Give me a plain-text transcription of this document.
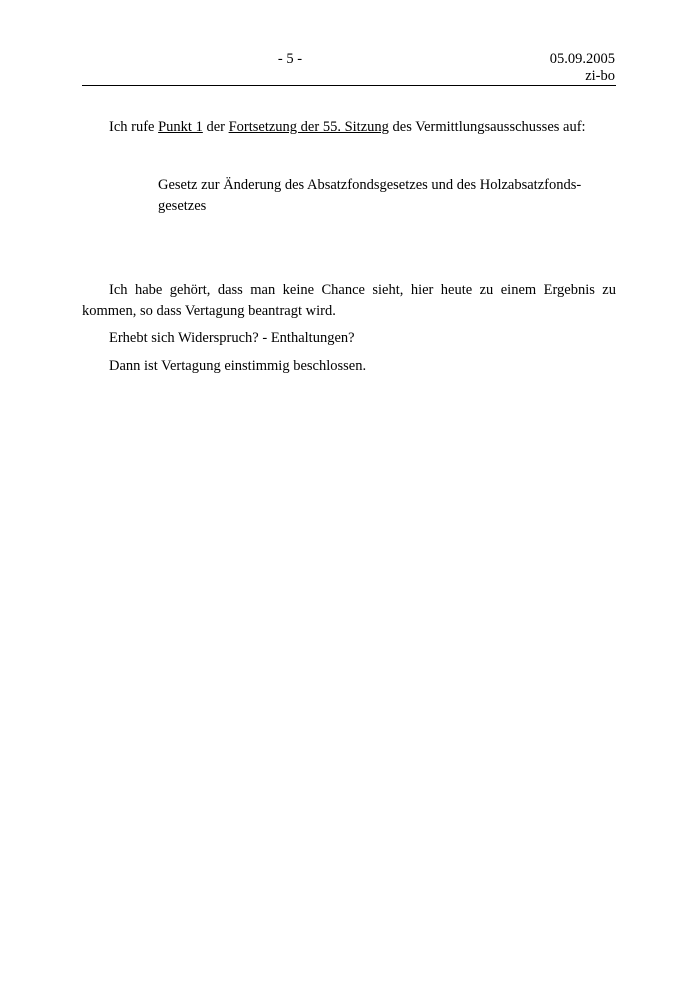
- 5 -	05.09.2005
zi-bo
Ich rufe Punkt 1 der Fortsetzung der 55. Sitzung des Vermittlungsausschusses auf:
Gesetz zur Änderung des Absatzfondsgesetzes und des Holzabsatzfonds-
gesetzes
Ich habe gehört, dass man keine Chance sieht, hier heute zu einem Ergebnis zu kommen, so dass Vertagung beantragt wird.
Erhebt sich Widerspruch? - Enthaltungen?
Dann ist Vertagung einstimmig beschlossen.
